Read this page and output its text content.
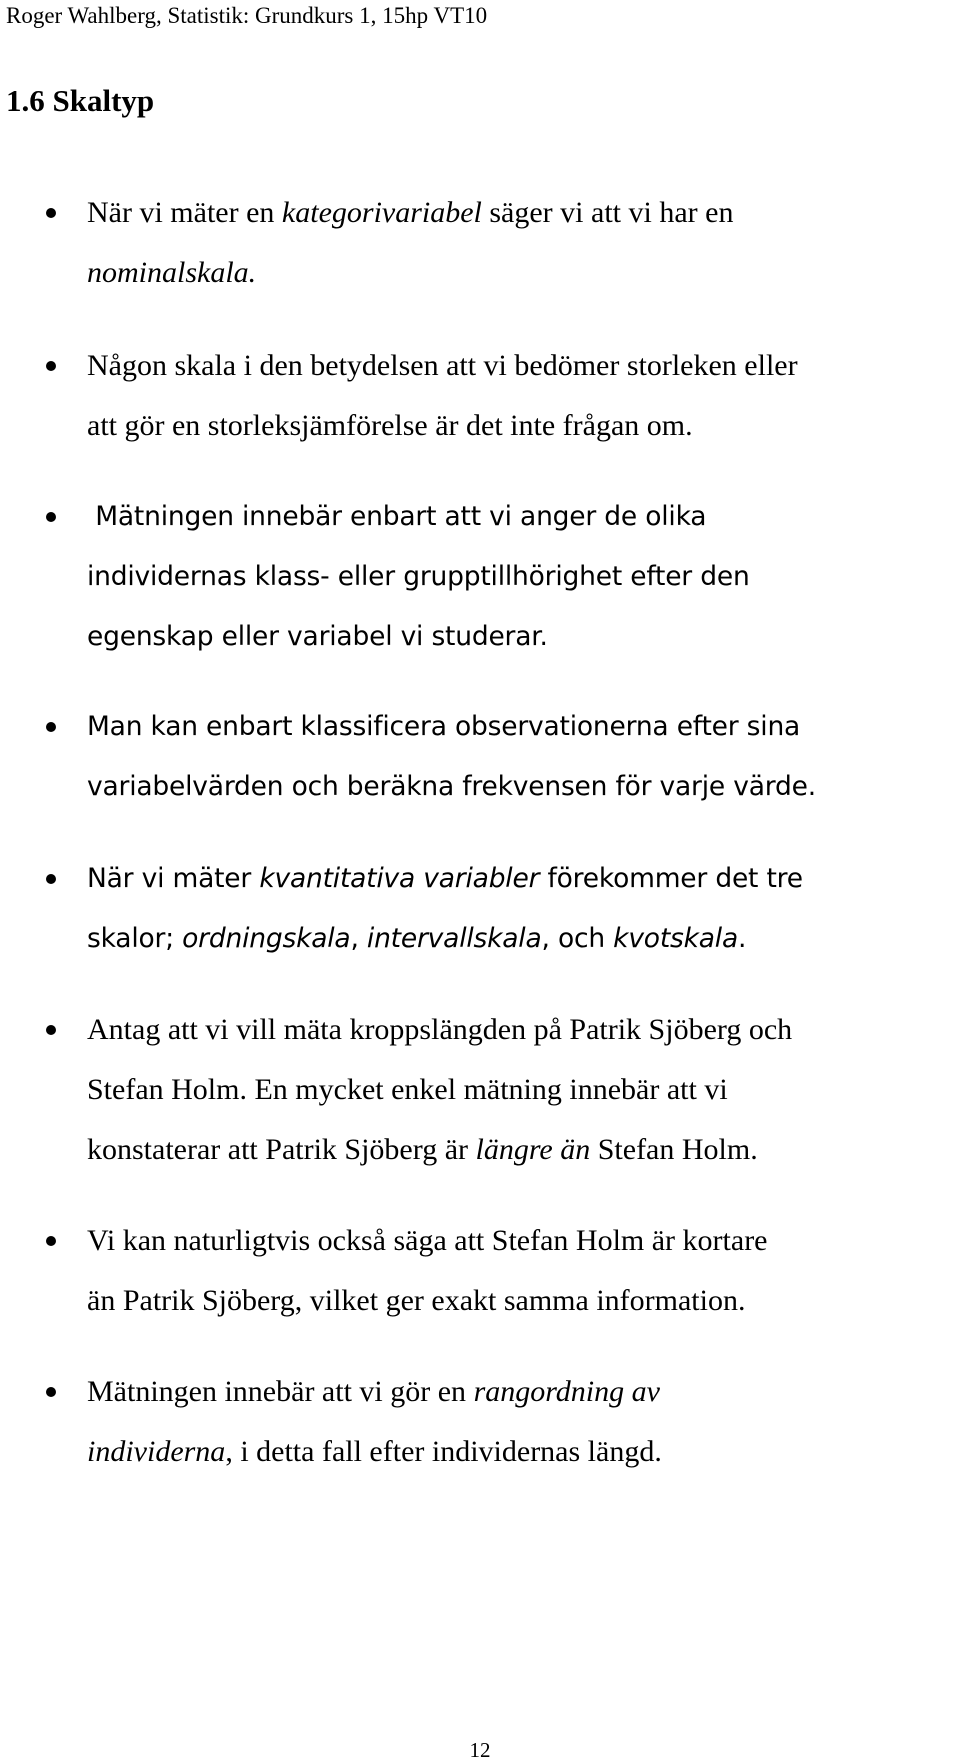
Roger Wahlberg, Statistik: Grundkurs 1, 15hp VT10
1.6 Skaltyp
När vi mäter en kategorivariabel säger vi att vi har en
nominalskala.
Någon skala i den betydelsen att vi bedömer storleken eller
att gör en storleksjämförelse är det inte frågan om.
Mätningen innebär enbart att vi anger de olika
individernas klass- eller grupptillhörighet efter den
egenskap eller variabel vi studerar.
Man kan enbart klassificera observationerna efter sina
variabelvärden och beräkna frekvensen för varje värde.
När vi mäter kvantitativa variabler förekommer det tre
skalor; ordningskala, intervallskala, och kvotskala.
Antag att vi vill mäta kroppslängden på Patrik Sjöberg och
Stefan Holm. En mycket enkel mätning innebär att vi
konstaterar att Patrik Sjöberg är längre än Stefan Holm.
Vi kan naturligtvis också säga att Stefan Holm är kortare
än Patrik Sjöberg, vilket ger exakt samma information.
Mätningen innebär att vi gör en rangordning av
individerna, i detta fall efter individernas längd.
12
